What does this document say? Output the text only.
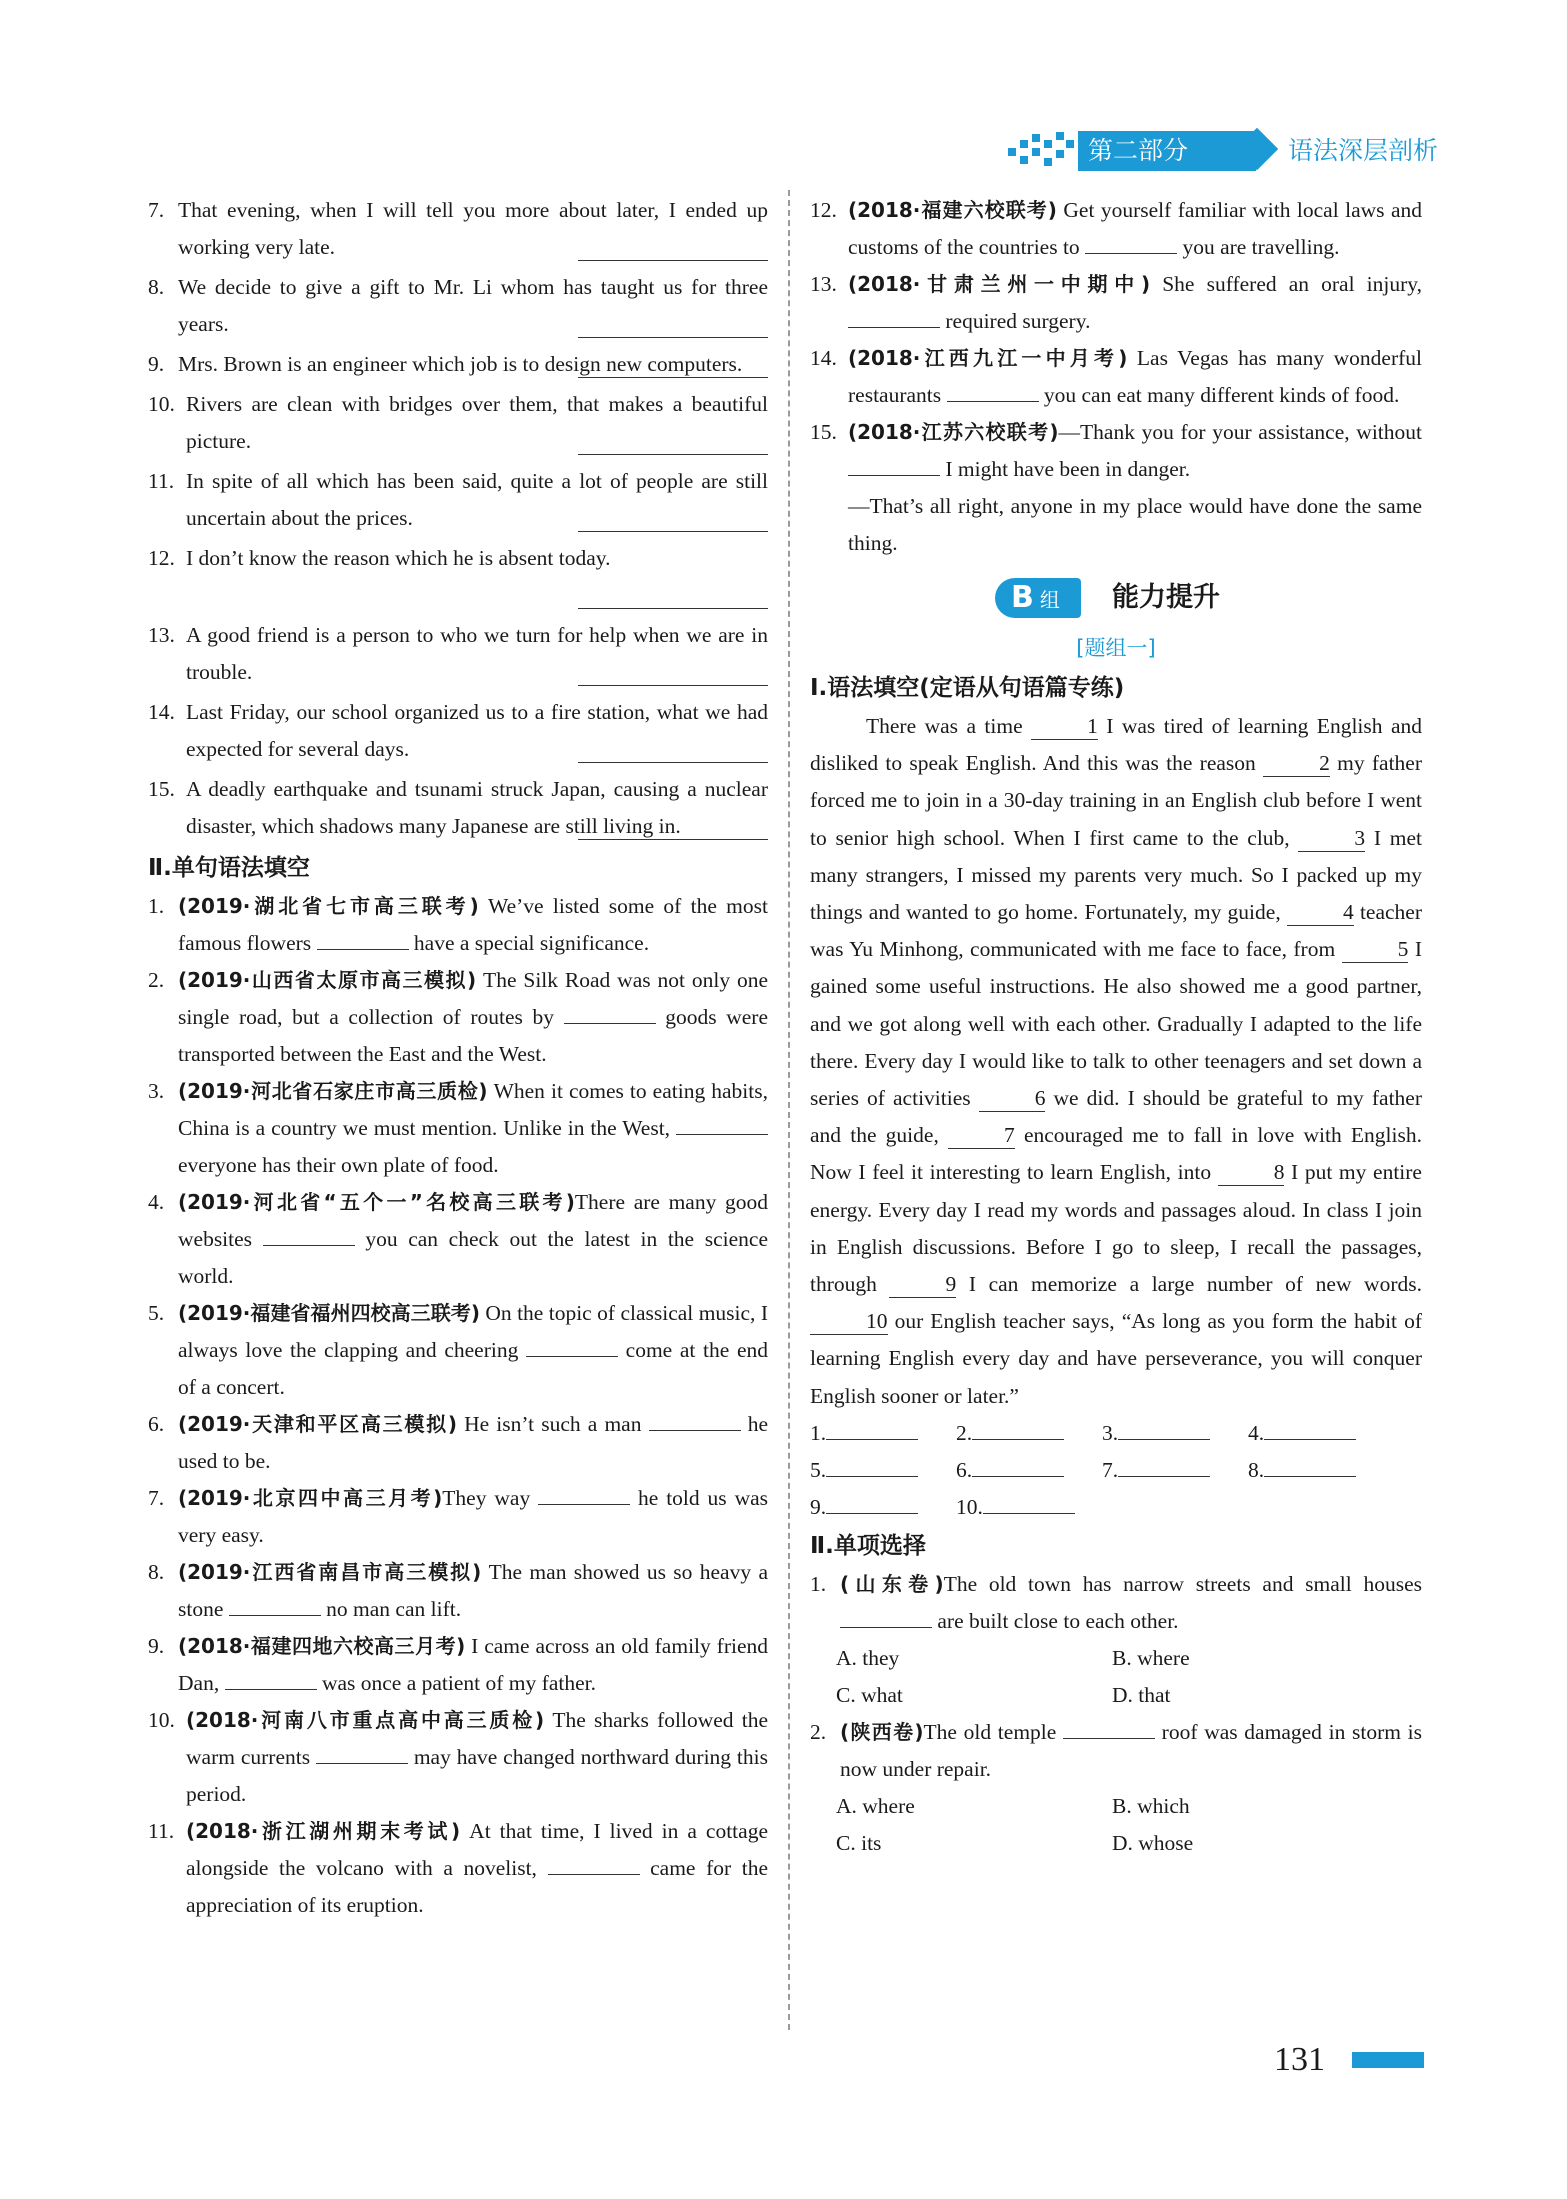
第二部分	语法深层剖析
7. That evening, when I will tell you more about later, I ended up working very late.
8. We decide to give a gift to Mr. Li whom has taught us for three years.
9. Mrs. Brown is an engineer which job is to design new computers.
10. Rivers are clean with bridges over them, that makes a beautiful picture.
11. In spite of all which has been said, quite a lot of people are still uncertain about the prices.
12. I don’t know the reason which he is absent today.
13. A good friend is a person to who we turn for help when we are in trouble.
14. Last Friday, our school organized us to a fire station, what we had expected for several days.
15. A deadly earthquake and tsunami struck Japan, causing a nuclear disaster, which shadows many Japanese are still living in.
Ⅱ.单句语法填空
1. (2019·湖北省七市高三联考) We’ve listed some of the most famous flowers	have a special significance.
2. (2019·山西省太原市高三模拟) The Silk Road was not only one single road, but a collection of routes by	goods were transported between the East and the West.
3. (2019·河北省石家庄市高三质检) When it comes to eating habits, China is a country we must mention. Unlike in the West,  everyone has their own plate of food.
4. (2019·河北省“五个一”名校高三联考)There are many good websites	you can check out the latest in the science world.
5. (2019·福建省福州四校高三联考) On the topic of classical music, I always love the clapping and cheering	come at the end of a concert.
6. (2019·天津和平区高三模拟) He isn’t such a man	he used to be.
7. (2019·北京四中高三月考)They way	he told us was very easy.
8. (2019·江西省南昌市高三模拟) The man showed us so heavy a stone	no man can lift.
9. (2018·福建四地六校高三月考) I came across an old family friend Dan,	was once a patient of my father.
10. (2018·河南八市重点高中高三质检) The sharks followed the warm currents	may have changed northward during this period.
11. (2018·浙江湖州期末考试) At that time, I lived in a cottage alongside the volcano with a novelist,	came for the appreciation of its eruption.
12. (2018·福建六校联考) Get yourself familiar with local laws and customs of the countries to	you are travelling.
13. (2018·甘肃兰州一中期中) She suffered an oral injury,  required surgery.
14. (2018·江西九江一中月考) Las Vegas has many wonderful restaurants	you can eat many different kinds of food.
15. (2018·江苏六校联考)—Thank you for your assistance, without  I might have been in danger.
—That’s all right, anyone in my place would have done the same thing.
B组	能力提升
[题组一]
Ⅰ.语法填空(定语从句语篇专练)
There was a time	1 I was tired of learning English and disliked to speak English. And this was the reason	2 my father forced me to join in a 30-day training in an English club before I went to senior high school. When I first came to the club,	3 I met many strangers, I missed my parents very much. So I packed up my things and wanted to go home. Fortunately, my guide,	4 teacher was Yu Minhong, communicated with me face to face, from	5 I gained some useful instructions. He also showed me a good partner, and we got along well with each other. Gradually I adapted to the life there. Every day I would like to talk to other teenagers and set down a series of activities	6 we did. I should be grateful to my father and the guide,	7 encouraged me to fall in love with English. Now I feel it interesting to learn English, into	8 I put my entire energy. Every day I read my words and passages aloud. In class I join in English discussions. Before I go to sleep, I recall the passages, through	9 I can memorize a large number of new words. 10 our English teacher says, “As long as you form the habit of learning English every day and have perseverance, you will conquer English sooner or later.”
1.	2.	3.	4.
5.	6.	7.	8.
9.	10.
Ⅱ.单项选择
1. (山东卷)The old town has narrow streets and small houses  are built close to each other.
A. they	B. where
C. what	D. that
2. (陕西卷)The old temple	roof was damaged in storm is now under repair.
A. where	B. which
C. its	D. whose
131
